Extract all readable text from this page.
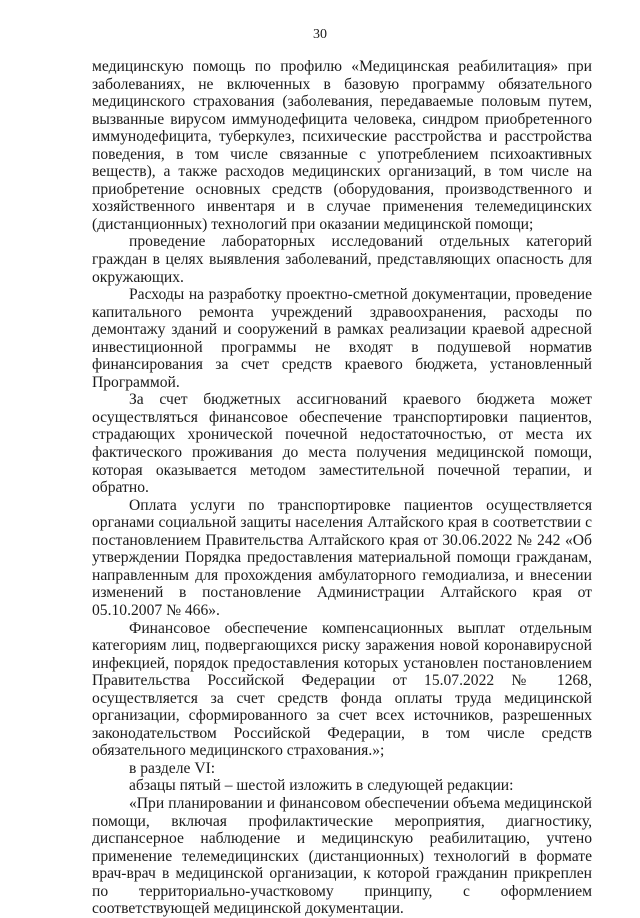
30

медицинскую помощь по профилю «Медицинская реабилитация» при заболеваниях, не включенных в базовую программу обязательного медицинского страхования (заболевания, передаваемые половым путем, вызванные вирусом иммунодефицита человека, синдром приобретенного иммунодефицита, туберкулез, психические расстройства и расстройства поведения, в том числе связанные с употреблением психоактивных веществ), а также расходов медицинских организаций, в том числе на приобретение основных средств (оборудования, производственного и хозяйственного инвентаря и в случае применения телемедицинских (дистанционных) технологий при оказании медицинской помощи;

проведение лабораторных исследований отдельных категорий граждан в целях выявления заболеваний, представляющих опасность для окружающих.

Расходы на разработку проектно-сметной документации, проведение капитального ремонта учреждений здравоохранения, расходы по демонтажу зданий и сооружений в рамках реализации краевой адресной инвестиционной программы не входят в подушевой норматив финансирования за счет средств краевого бюджета, установленный Программой.

За счет бюджетных ассигнований краевого бюджета может осуществляться финансовое обеспечение транспортировки пациентов, страдающих хронической почечной недостаточностью, от места их фактического проживания до места получения медицинской помощи, которая оказывается методом заместительной почечной терапии, и обратно.

Оплата услуги по транспортировке пациентов осуществляется органами социальной защиты населения Алтайского края в соответствии с постановлением Правительства Алтайского края от 30.06.2022 № 242 «Об утверждении Порядка предоставления материальной помощи гражданам, направленным для прохождения амбулаторного гемодиализа, и внесении изменений в постановление Администрации Алтайского края от 05.10.2007 № 466».

Финансовое обеспечение компенсационных выплат отдельным категориям лиц, подвергающихся риску заражения новой коронавирусной инфекцией, порядок предоставления которых установлен постановлением Правительства Российской Федерации от 15.07.2022 № 1268, осуществляется за счет средств фонда оплаты труда медицинской организации, сформированного за счет всех источников, разрешенных законодательством Российской Федерации, в том числе средств обязательного медицинского страхования.»;

в разделе VI:

абзацы пятый – шестой изложить в следующей редакции:

«При планировании и финансовом обеспечении объема медицинской помощи, включая профилактические мероприятия, диагностику, диспансерное наблюдение и медицинскую реабилитацию, учтено применение телемедицинских (дистанционных) технологий в формате врач-врач в медицинской организации, к которой гражданин прикреплен по территориально-участковому принципу, с оформлением соответствующей медицинской документации.
